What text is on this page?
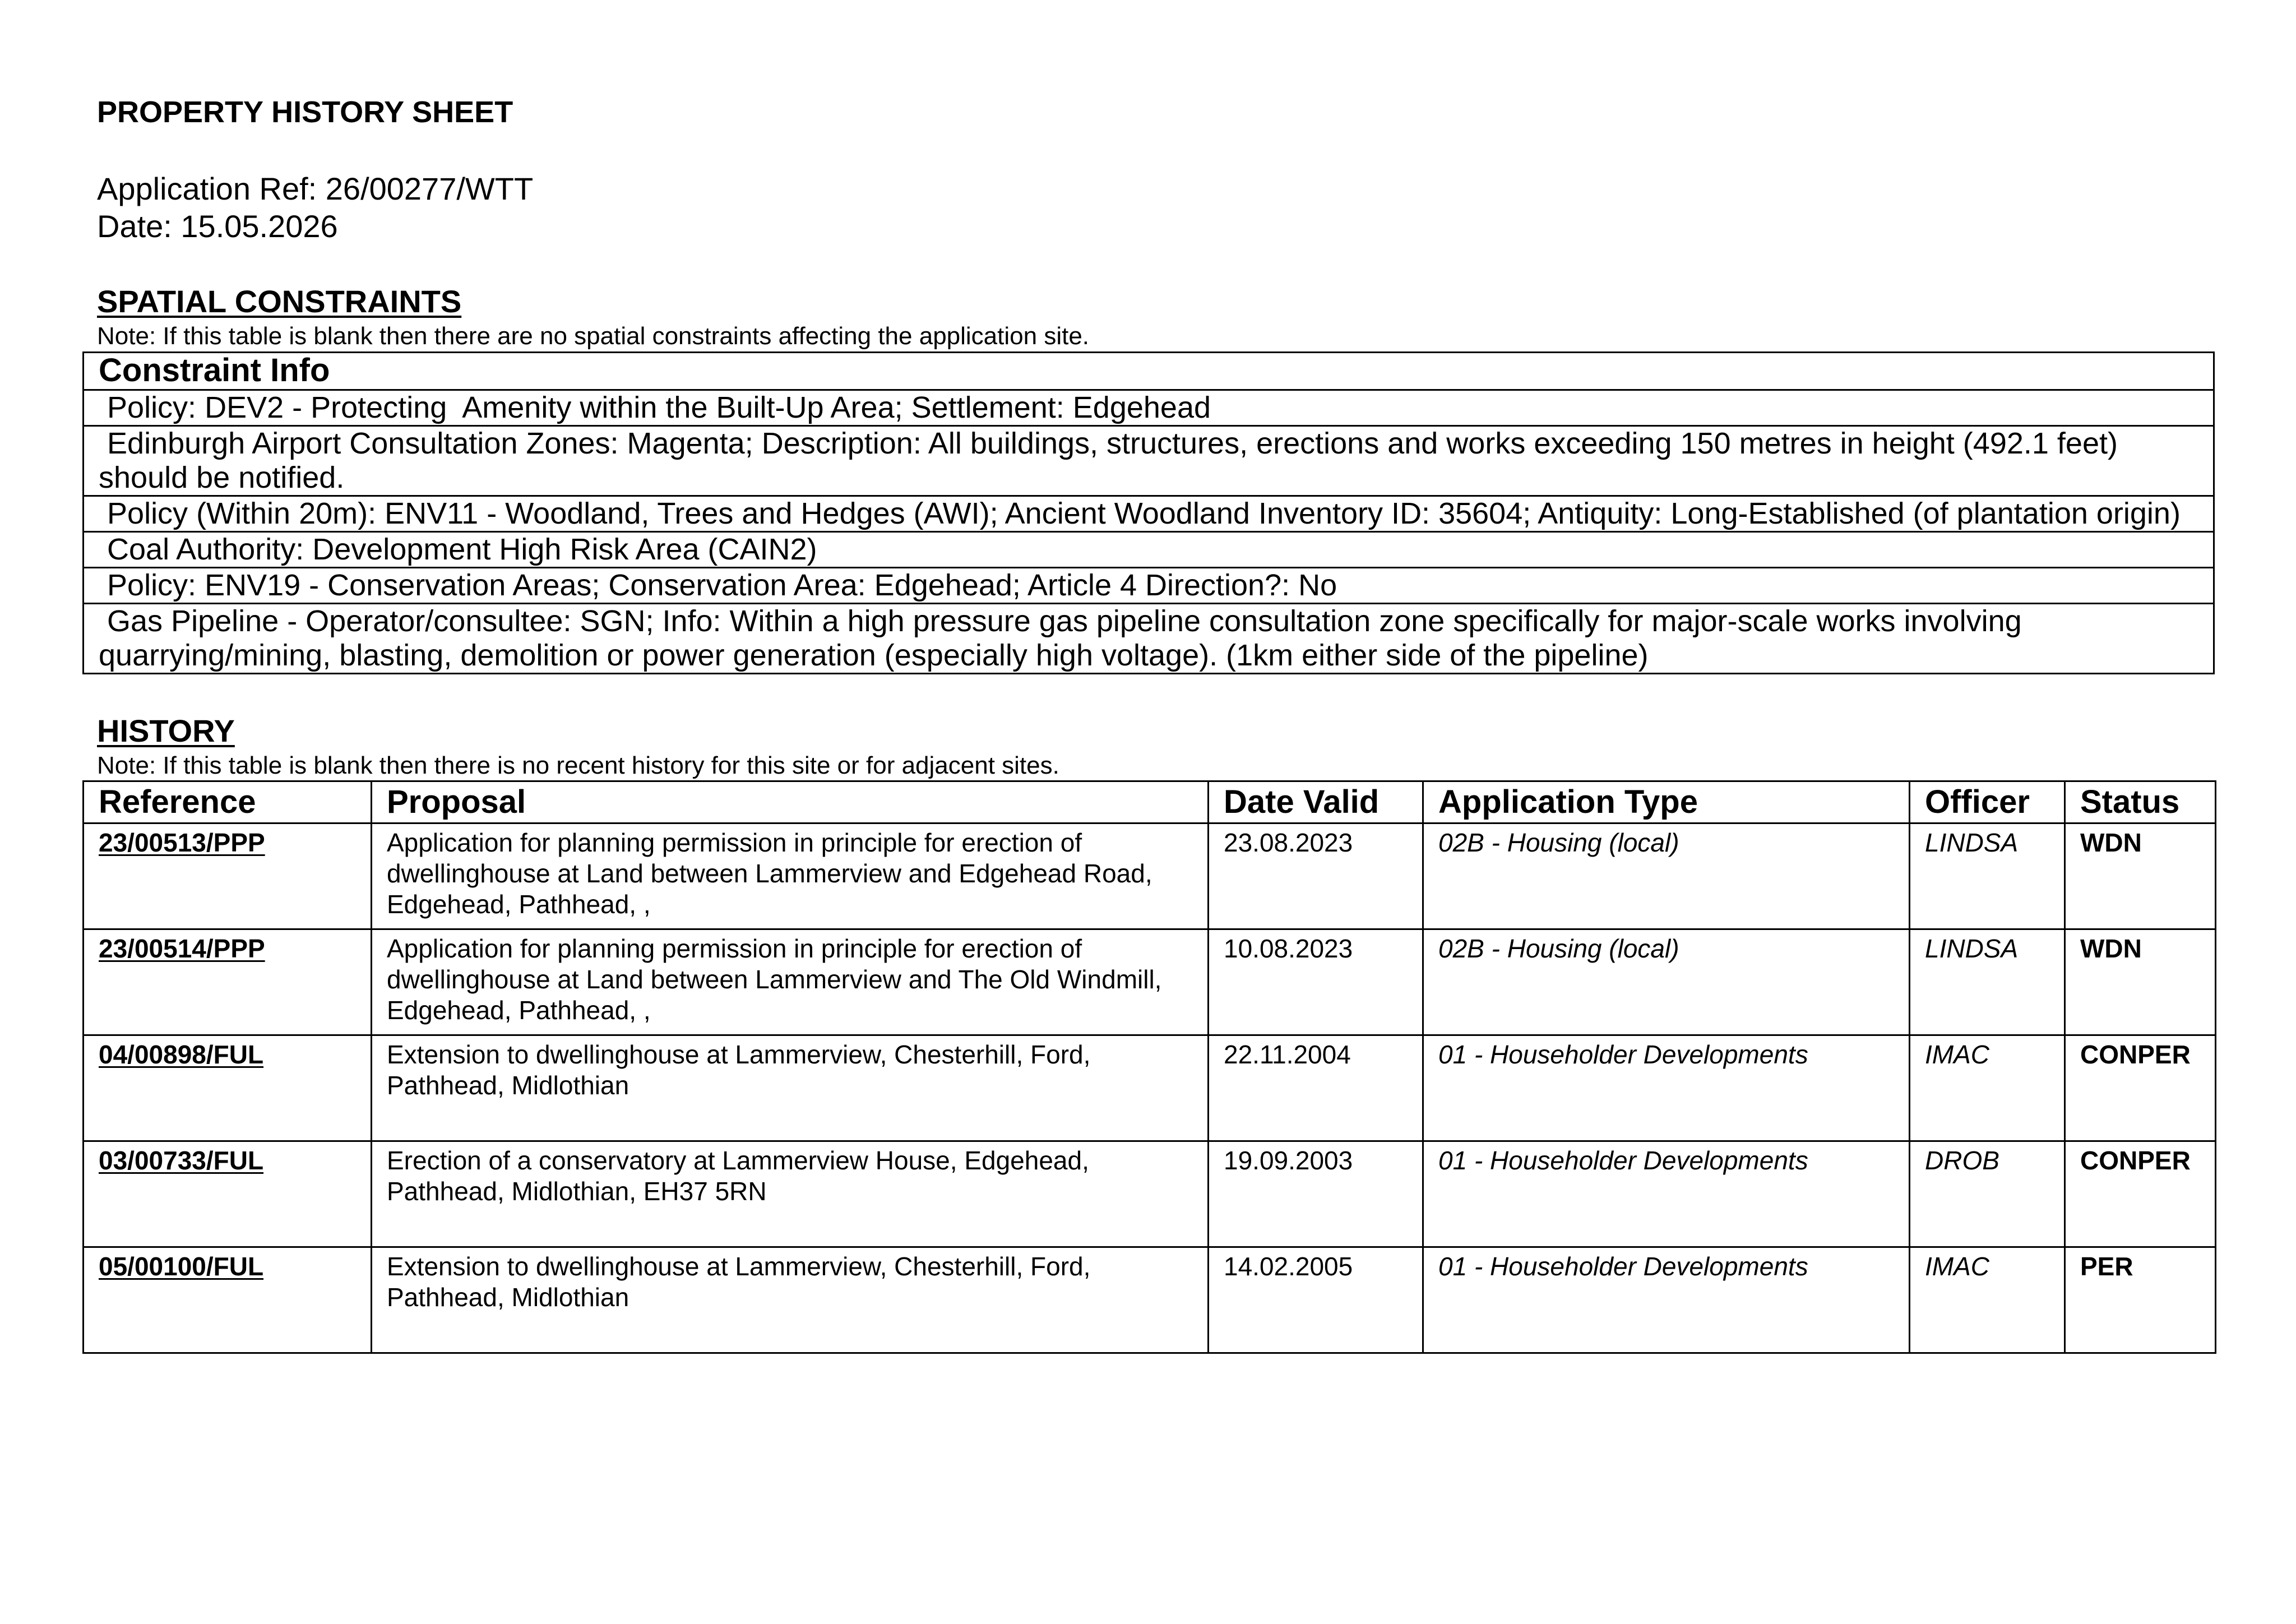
PROPERTY HISTORY SHEET

Application Ref: 26/00277/WTT

Date: 15.05.2026

SPATIAL CONSTRAINTS

Note: If this table is blank then there are no spatial constraints affecting the application site.

Constraint Info
Policy: DEV2 - Protecting  Amenity within the Built-Up Area; Settlement: Edgehead
Edinburgh Airport Consultation Zones: Magenta; Description: All buildings, structures, erections and works exceeding 150 metres in height (492.1 feet) should be notified.
Policy (Within 20m): ENV11 - Woodland, Trees and Hedges (AWI); Ancient Woodland Inventory ID: 35604; Antiquity: Long-Established (of plantation origin)
Coal Authority: Development High Risk Area (CAIN2)
Policy: ENV19 - Conservation Areas; Conservation Area: Edgehead; Article 4 Direction?: No
Gas Pipeline - Operator/consultee: SGN; Info: Within a high pressure gas pipeline consultation zone specifically for major-scale works involving quarrying/mining, blasting, demolition or power generation (especially high voltage). (1km either side of the pipeline)

HISTORY

Note: If this table is blank then there is no recent history for this site or for adjacent sites.

Reference	Proposal	Date Valid	Application Type	Officer	Status
23/00513/PPP	Application for planning permission in principle for erection of dwellinghouse at Land between Lammerview and Edgehead Road, Edgehead, Pathhead, ,	23.08.2023	02B - Housing (local)	LINDSA	WDN
23/00514/PPP	Application for planning permission in principle for erection of dwellinghouse at Land between Lammerview and The Old Windmill, Edgehead, Pathhead, ,	10.08.2023	02B - Housing (local)	LINDSA	WDN
04/00898/FUL	Extension to dwellinghouse at Lammerview, Chesterhill, Ford, Pathhead, Midlothian	22.11.2004	01 - Householder Developments	IMAC	CONPER
03/00733/FUL	Erection of a conservatory at Lammerview House, Edgehead, Pathhead, Midlothian, EH37 5RN	19.09.2003	01 - Householder Developments	DROB	CONPER
05/00100/FUL	Extension to dwellinghouse at Lammerview, Chesterhill, Ford, Pathhead, Midlothian	14.02.2005	01 - Householder Developments	IMAC	PER
